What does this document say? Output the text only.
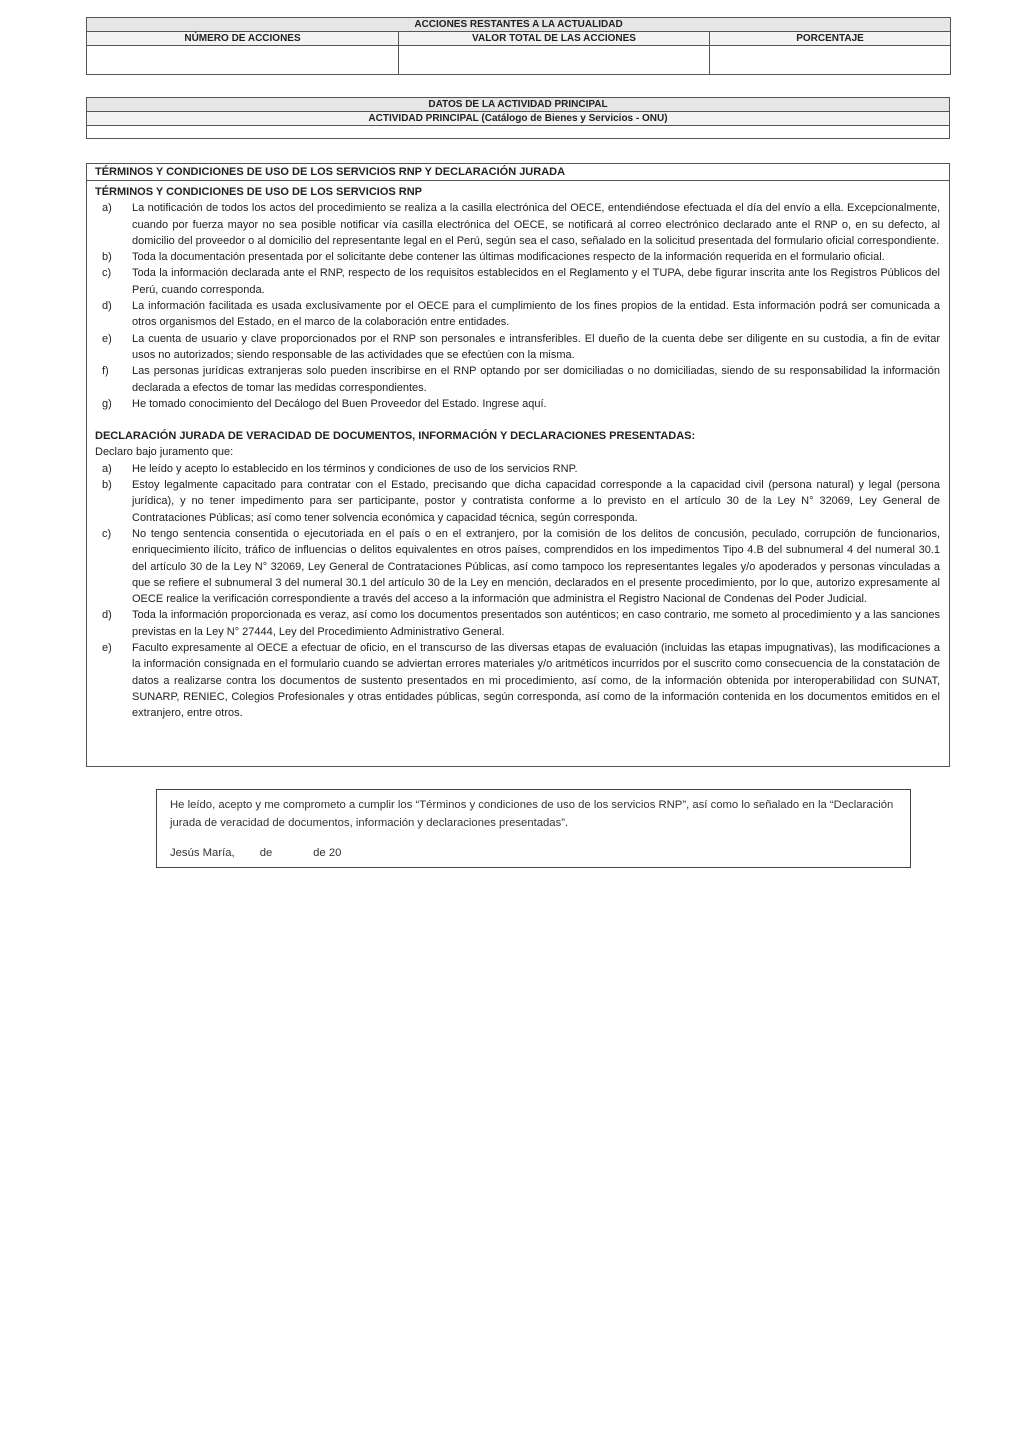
ACCIONES RESTANTES A LA ACTUALIDAD		
NÚMERO DE ACCIONES	VALOR TOTAL DE LAS ACCIONES	PORCENTAJE

DATOS DE LA ACTIVIDAD PRINCIPAL
ACTIVIDAD PRINCIPAL (Catálogo de Bienes y Servicios - ONU)

TÉRMINOS Y CONDICIONES DE USO DE LOS SERVICIOS RNP Y DECLARACIÓN JURADA
TÉRMINOS Y CONDICIONES DE USO DE LOS SERVICIOS RNP
a)	La notificación de todos los actos del procedimiento se realiza a la casilla electrónica del OECE, entendiéndose efectuada el día del envío a ella. Excepcionalmente, cuando por fuerza mayor no sea posible notificar vía casilla electrónica del OECE, se notificará al correo electrónico declarado ante el RNP o, en su defecto, al domicilio del proveedor o al domicilio del representante legal en el Perú, según sea el caso, señalado en la solicitud presentada del formulario oficial correspondiente.
b)	Toda la documentación presentada por el solicitante debe contener las últimas modificaciones respecto de la información requerida en el formulario oficial.
c)	Toda la información declarada ante el RNP, respecto de los requisitos establecidos en el Reglamento y el TUPA, debe figurar inscrita ante los Registros Públicos del Perú, cuando corresponda.
d)	La información facilitada es usada exclusivamente por el OECE para el cumplimiento de los fines propios de la entidad. Esta información podrá ser comunicada a otros organismos del Estado, en el marco de la colaboración entre entidades.
e)	La cuenta de usuario y clave proporcionados por el RNP son personales e intransferibles. El dueño de la cuenta debe ser diligente en su custodia, a fin de evitar usos no autorizados; siendo responsable de las actividades que se efectúen con la misma.
f)	Las personas jurídicas extranjeras solo pueden inscribirse en el RNP optando por ser domiciliadas o no domiciliadas, siendo de su responsabilidad la información declarada a efectos de tomar las medidas correspondientes.
g)	He tomado conocimiento del Decálogo del Buen Proveedor del Estado. Ingrese aquí.
DECLARACIÓN JURADA DE VERACIDAD DE DOCUMENTOS, INFORMACIÓN Y DECLARACIONES PRESENTADAS:

Declaro bajo juramento que:

a)	He leído y acepto lo establecido en los términos y condiciones de uso de los servicios RNP.
b)	Estoy legalmente capacitado para contratar con el Estado, precisando que dicha capacidad corresponde a la capacidad civil (persona natural) y legal (persona jurídica), y no tener impedimento para ser participante, postor y contratista conforme a lo previsto en el artículo 30 de la Ley N° 32069, Ley General de Contrataciones Públicas; así como tener solvencia económica y capacidad técnica, según corresponda.
c)	No tengo sentencia consentida o ejecutoriada en el país o en el extranjero, por la comisión de los delitos de concusión, peculado, corrupción de funcionarios, enriquecimiento ilícito, tráfico de influencias o delitos equivalentes en otros países, comprendidos en los impedimentos Tipo 4.B del subnumeral 4 del numeral 30.1 del artículo 30 de la Ley N° 32069, Ley General de Contrataciones Públicas, así como tampoco los representantes legales y/o apoderados y personas vinculadas a que se refiere el subnumeral 3 del numeral 30.1 del artículo 30 de la Ley en mención, declarados en el presente procedimiento, por lo que, autorizo expresamente al OECE realice la verificación correspondiente a través del acceso a la información que administra el Registro Nacional de Condenas del Poder Judicial.
d)	Toda la información proporcionada es veraz, así como los documentos presentados son auténticos; en caso contrario, me someto al procedimiento y a las sanciones previstas en la Ley N° 27444, Ley del Procedimiento Administrativo General.
e)	Faculto expresamente al OECE a efectuar de oficio, en el transcurso de las diversas etapas de evaluación (incluidas las etapas impugnativas), las modificaciones a la información consignada en el formulario cuando se adviertan errores materiales y/o aritméticos incurridos por el suscrito como consecuencia de la constatación de datos a realizarse contra los documentos de sustento presentados en mi procedimiento, así como, de la información obtenida por interoperabilidad con SUNAT, SUNARP, RENIEC, Colegios Profesionales y otras entidades públicas, según corresponda, así como de la información contenida en los documentos emitidos en el extranjero, entre otros.

He leído, acepto y me comprometo a cumplir los “Términos y condiciones de uso de los servicios RNP”, así como lo señalado en la “Declaración jurada de veracidad de documentos, información y declaraciones presentadas”.

Jesús María,        de             de 20
